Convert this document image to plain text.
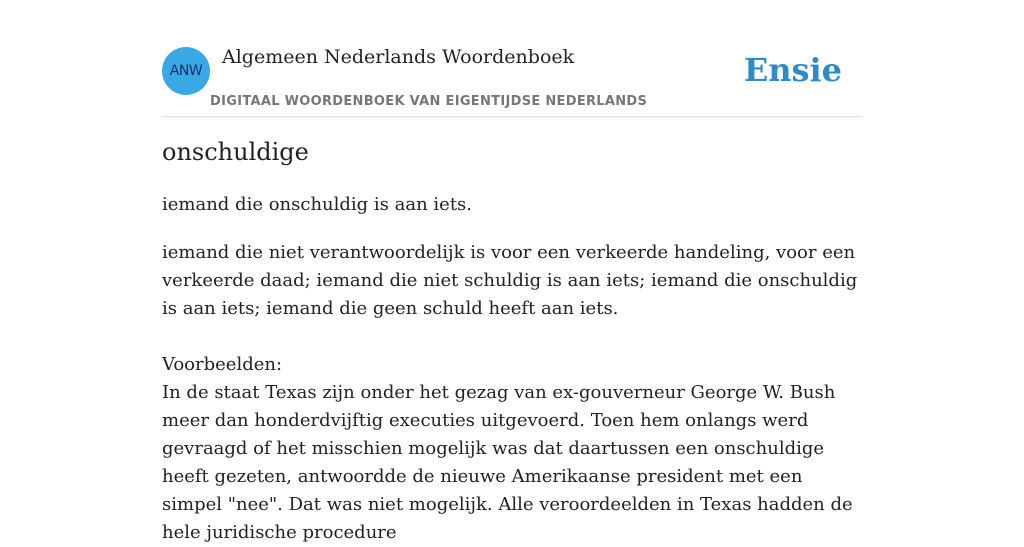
ANW
Algemeen Nederlands Woordenboek
DIGITAAL WOORDENBOEK VAN EIGENTIJDSE NEDERLANDS
Ensie
onschuldige
iemand die onschuldig is aan iets.

iemand die niet verantwoordelijk is voor een verkeerde handeling, voor een verkeerde daad; iemand die niet schuldig is aan iets; iemand die onschuldig is aan iets; iemand die geen schuld heeft aan iets.

Voorbeelden:

In de staat Texas zijn onder het gezag van ex-gouverneur George W. Bush meer dan honderdvijftig executies uitgevoerd. Toen hem onlangs werd gevraagd of het misschien mogelijk was dat daartussen een onschuldige heeft gezeten, antwoordde de nieuwe Amerikaanse president met een simpel "nee". Dat was niet mogelijk. Alle veroordeelden in Texas hadden de hele juridische procedure
